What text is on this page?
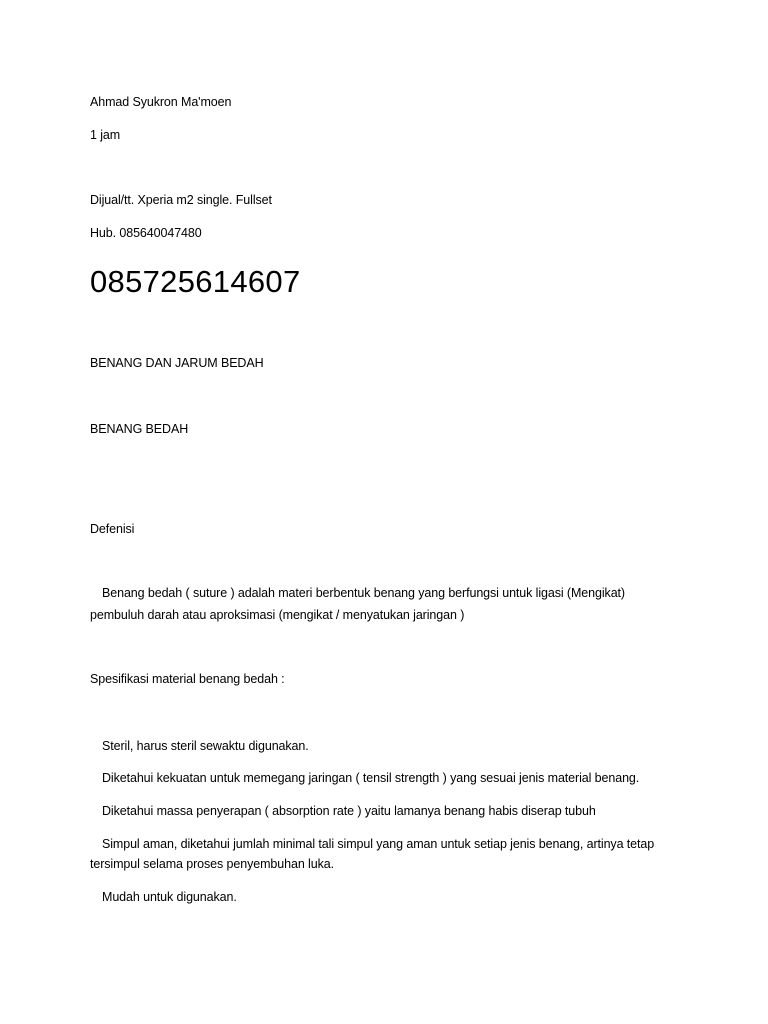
Ahmad Syukron Ma'moen
1 jam
Dijual/tt. Xperia m2 single. Fullset
Hub. 085640047480
085725614607
BENANG DAN JARUM BEDAH
BENANG BEDAH
Defenisi
Benang bedah ( suture ) adalah materi berbentuk benang yang berfungsi untuk ligasi (Mengikat)
pembuluh darah atau aproksimasi (mengikat / menyatukan jaringan )
Spesifikasi material benang bedah :
Steril, harus steril sewaktu digunakan.
Diketahui kekuatan untuk memegang jaringan ( tensil strength ) yang sesuai jenis material benang.
Diketahui massa penyerapan ( absorption rate ) yaitu lamanya benang habis diserap tubuh
Simpul aman, diketahui jumlah minimal tali simpul yang aman untuk setiap jenis benang, artinya tetap
tersimpul selama proses penyembuhan luka.
Mudah untuk digunakan.
